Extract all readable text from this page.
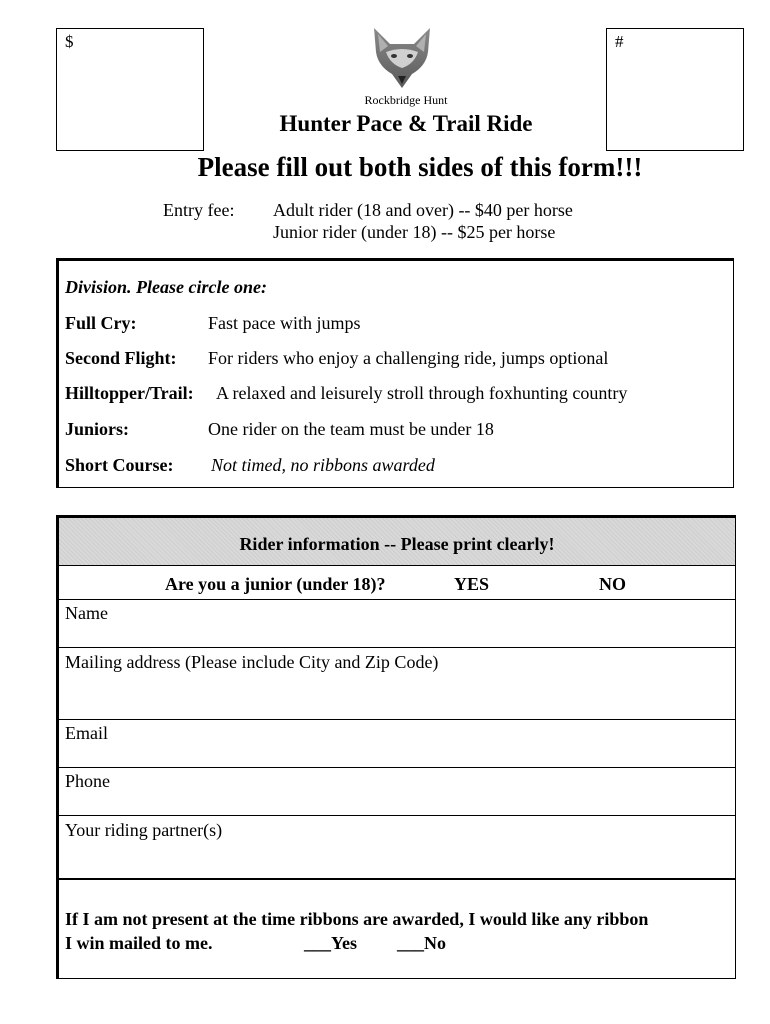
$	#
Rockbridge Hunt
Hunter Pace & Trail Ride
Please fill out both sides of this form!!!
Entry fee: Adult rider (18 and over) -- $40 per horse
Junior rider (under 18) -- $25 per horse
Division. Please circle one:
Full Cry:	Fast pace with jumps
Second Flight: For riders who enjoy a challenging ride, jumps optional
Hilltopper/Trail: A relaxed and leisurely stroll through foxhunting country
Juniors:	One rider on the team must be under 18
Short Course: Not timed, no ribbons awarded
Rider information -- Please print clearly!
Are you a junior (under 18)?	YES	NO
Name
Mailing address (Please include City and Zip Code)
Email
Phone
Your riding partner(s)
If I am not present at the time ribbons are awarded, I would like any ribbon
I win mailed to me.	___Yes ___No
